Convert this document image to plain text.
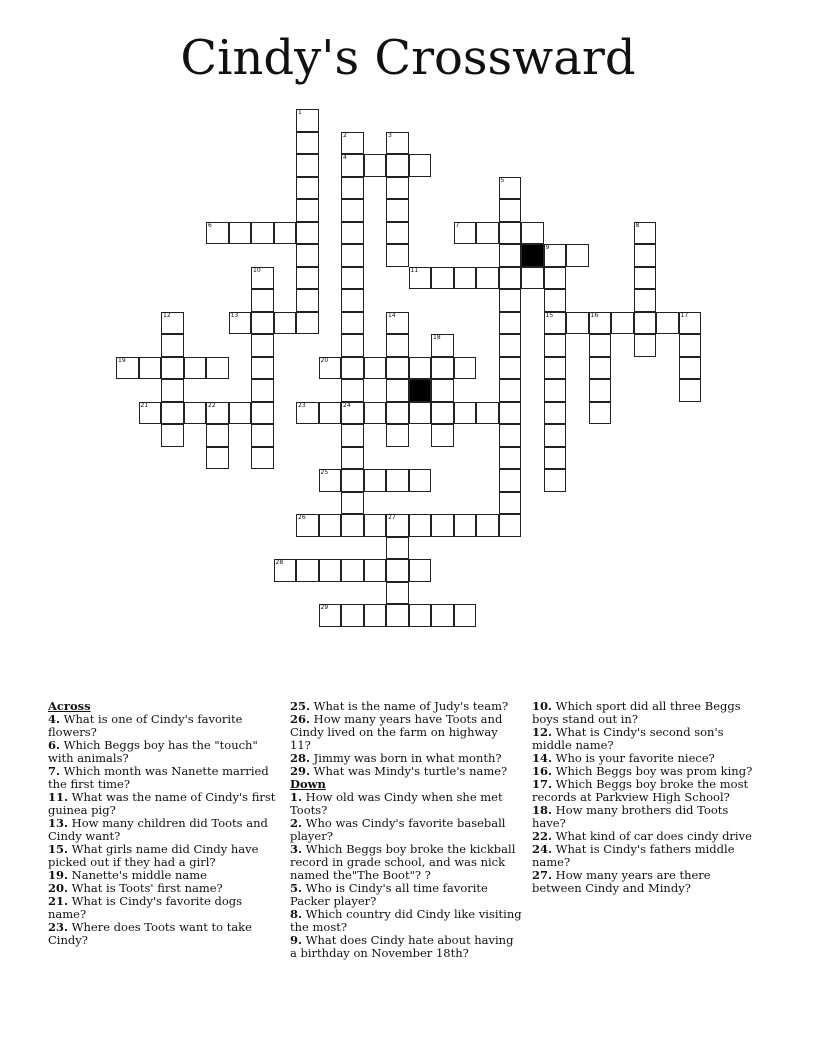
Cindy's Crossward
1
2
4
24
3
5
6	7	8
9
15
10	11
12	13	14	16	17
18
19	20
21	22	23
25
26	27
28
29
Across
4. What is one of Cindy's favorite flowers?
6. Which Beggs boy has the "touch" with animals?
7. Which month was Nanette married the first time?
11. What was the name of Cindy's first guinea pig?
13. How many children did Toots and Cindy want?
15. What girls name did Cindy have picked out if they had a girl?
19. Nanette's middle name
20. What is Toots' first name?
21. What is Cindy's favorite dogs name?
23. Where does Toots want to take Cindy?
25. What is the name of Judy's team?
26. How many years have Toots and Cindy lived on the farm on highway 11?
28. Jimmy was born in what month?
29. What was Mindy's turtle's name?
Down
1. How old was Cindy when she met Toots?
2. Who was Cindy's favorite baseball player?
3. Which Beggs boy broke the kickball record in grade school, and was nick named the"The Boot"? ?
5. Who is Cindy's all time favorite Packer player?
8. Which country did Cindy like visiting the most?
9. What does Cindy hate about having a birthday on November 18th?
10. Which sport did all three Beggs boys stand out in?
12. What is Cindy's second son's middle name?
14. Who is your favorite niece?
16. Which Beggs boy was prom king?
17. Which Beggs boy broke the most records at Parkview High School?
18. How many brothers did Toots have?
22. What kind of car does cindy drive
24. What is Cindy's fathers middle name?
27. How many years are there between Cindy and Mindy?
